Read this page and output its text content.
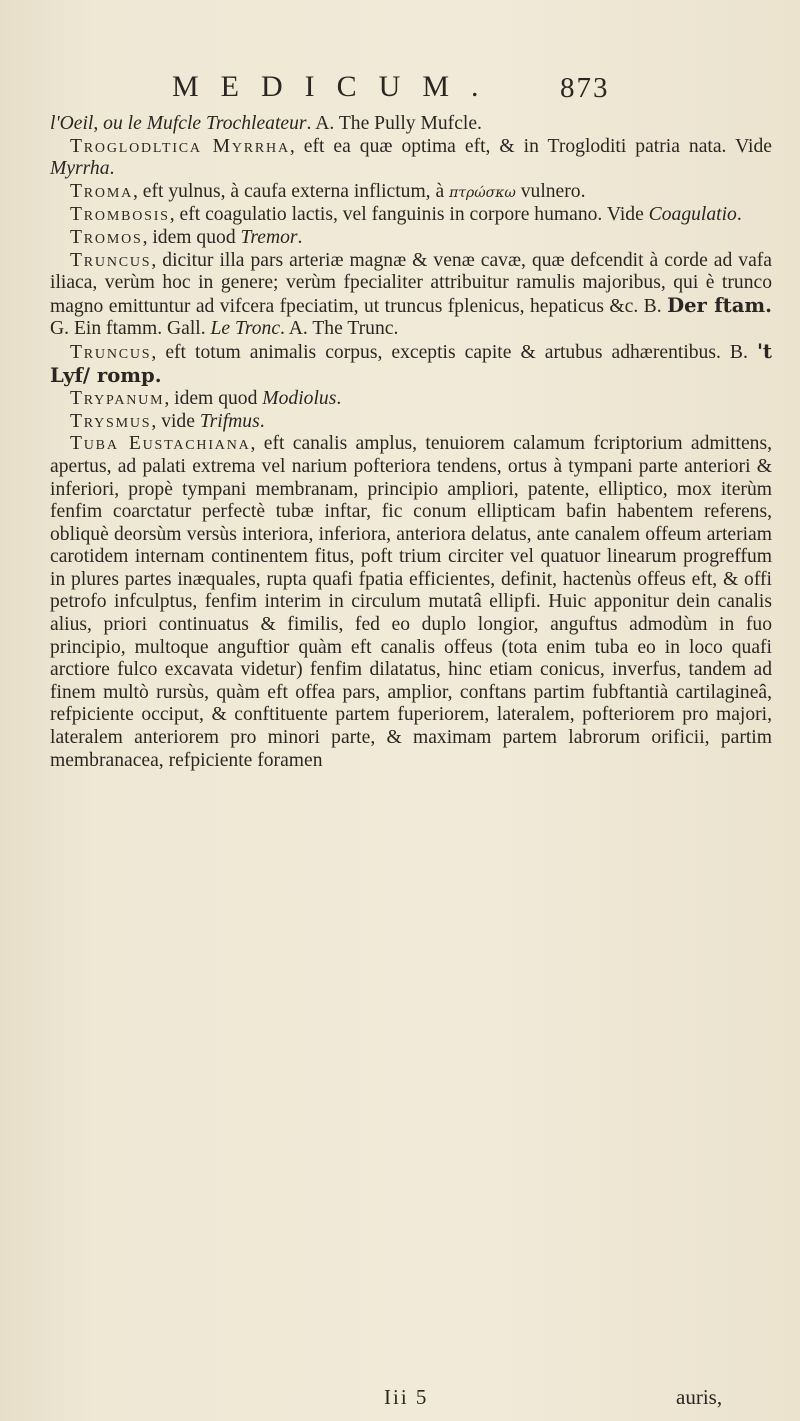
MEDICUM. 873

l'Oeil, ou le Mufcle Trochleateur. A. The Pully Mufcle.

Troglodltica Myrrha, eft ea quæ optima eft, & in Trogloditi patria nata. Vide Myrrha.

Troma, eft yulnus, à caufa externa inflictum, à πτρώσκω vulnero.

Trombosis, eft coagulatio lactis, vel fanguinis in corpore humano. Vide Coagulatio.

Tromos, idem quod Tremor.

Truncus, dicitur illa pars arteriæ magnæ & venæ cavæ, quæ defcendit à corde ad vafa iliaca, verùm hoc in genere; verùm fpecialiter attribuitur ramulis majoribus, qui è trunco magno emittuntur ad vifcera fpeciatim, ut truncus fplenicus, hepaticus &c. B. Der ftam. G. Ein ftamm. Gall. Le Tronc. A. The Trunc.

Truncus, eft totum animalis corpus, exceptis capite & artubus adhærentibus. B. 't Lyf/ romp.

Trypanum, idem quod Modiolus.

Trysmus, vide Trifmus.

Tuba Eustachiana, eft canalis amplus, tenuiorem calamum fcriptorium admittens, apertus, ad palati extrema vel narium pofteriora tendens, ortus à tympani parte anteriori & inferiori, propè tympani membranam, principio ampliori, patente, elliptico, mox iterùm fenfim coarctatur perfectè tubæ inftar, fic conum ellipticam bafin habentem referens, obliquè deorsùm versùs interiora, inferiora, anteriora delatus, ante canalem offeum arteriam carotidem internam continentem fitus, poft trium circiter vel quatuor linearum progreffum in plures partes inæquales, rupta quafi fpatia efficientes, definit, hactenùs offeus eft, & offi petrofo infculptus, fenfim interim in circulum mutatâ ellipfi. Huic apponitur dein canalis alius, priori continuatus & fimilis, fed eo duplo longior, anguftus admodùm in fuo principio, multoque anguftior quàm eft canalis offeus (tota enim tuba eo in loco quafi arctiore fulco excavata videtur) fenfim dilatatus, hinc etiam conicus, inverfus, tandem ad finem multò rursùs, quàm eft offea pars, amplior, conftans partim fubftantià cartilagineâ, refpiciente occiput, & conftituente partem fuperiorem, lateralem, pofteriorem pro majori, lateralem anteriorem pro minori parte, & maximam partem labrorum orificii, partim membranacea, refpiciente foramen

Iii 5	auris,
